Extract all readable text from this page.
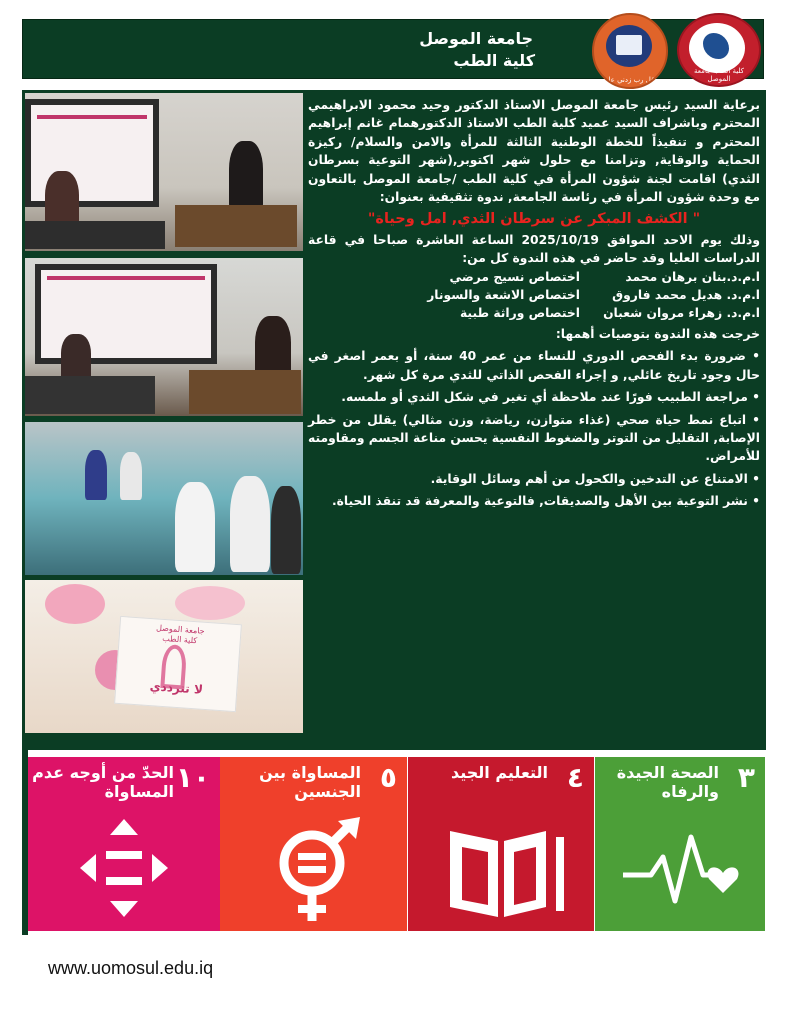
جامعة الموصل
كلية الطب
وقل رب زدني علما
كلية الطب جامعة الموصل
جامعة الموصل
كلية الطب
لا تترددي

برعاية السيد رئيس جامعة الموصل الاستاذ الدكتور وحيد محمود الابراهيمي المحترم وباشراف السيد عميد كلية الطب الاستاذ الدكتورهمام غانم إبراهيم المحترم و تنفيذاً للخطة الوطنية الثالثة للمرأة والامن والسلام/ ركيزة الحماية والوقاية, وتزامنا مع حلول شهر اكتوبر,(شهر التوعية بسرطان الثدي) اقامت لجنة شؤون المرأة في كلية الطب /جامعة الموصل بالتعاون مع وحدة شؤون المرأة في رئاسة الجامعة, ندوة تثقيفية بعنوان:

" الكشف المبكر عن سرطان الثدي, امل وحياة"

وذلك يوم الاحد الموافق 2025/10/19 الساعة العاشرة صباحا في قاعة الدراسات العليا وقد حاضر في هذه الندوة كل من:

ا.م.د.بنان برهان محمد
اختصاص نسيج مرضي
ا.م.د. هديل محمد فاروق
اختصاص الاشعة والسونار
ا.م.د. زهراء مروان شعبان
اختصاص وراثة طبية

خرجت هذه الندوة بتوصيات أهمها:

• ضرورة بدء الفحص الدوري للنساء من عمر 40 سنة، أو بعمر اصغر في حال وجود تاريخ عائلي, و إجراء الفحص الذاتي للثدي مرة كل شهر.

• مراجعة الطبيب فورًا عند ملاحظة أي تغير في شكل الثدي أو ملمسه.

• اتباع نمط حياة صحي (غذاء متوازن، رياضة، وزن مثالي) يقلل من خطر الإصابة, التقليل من التوتر والضغوط النفسية يحسن مناعة الجسم ومقاومته للأمراض.

• الامتناع عن التدخين والكحول من أهم وسائل الوقاية.

• نشر التوعية بين الأهل والصديقات, فالتوعية والمعرفة قد تنقذ الحياة.

٣
الصحة الجيدة والرفاه
٤
التعليم الجيد
٥
المساواة بين الجنسين
١٠
الحدّ من أوجه عدم المساواة
www.uomosul.edu.iq
